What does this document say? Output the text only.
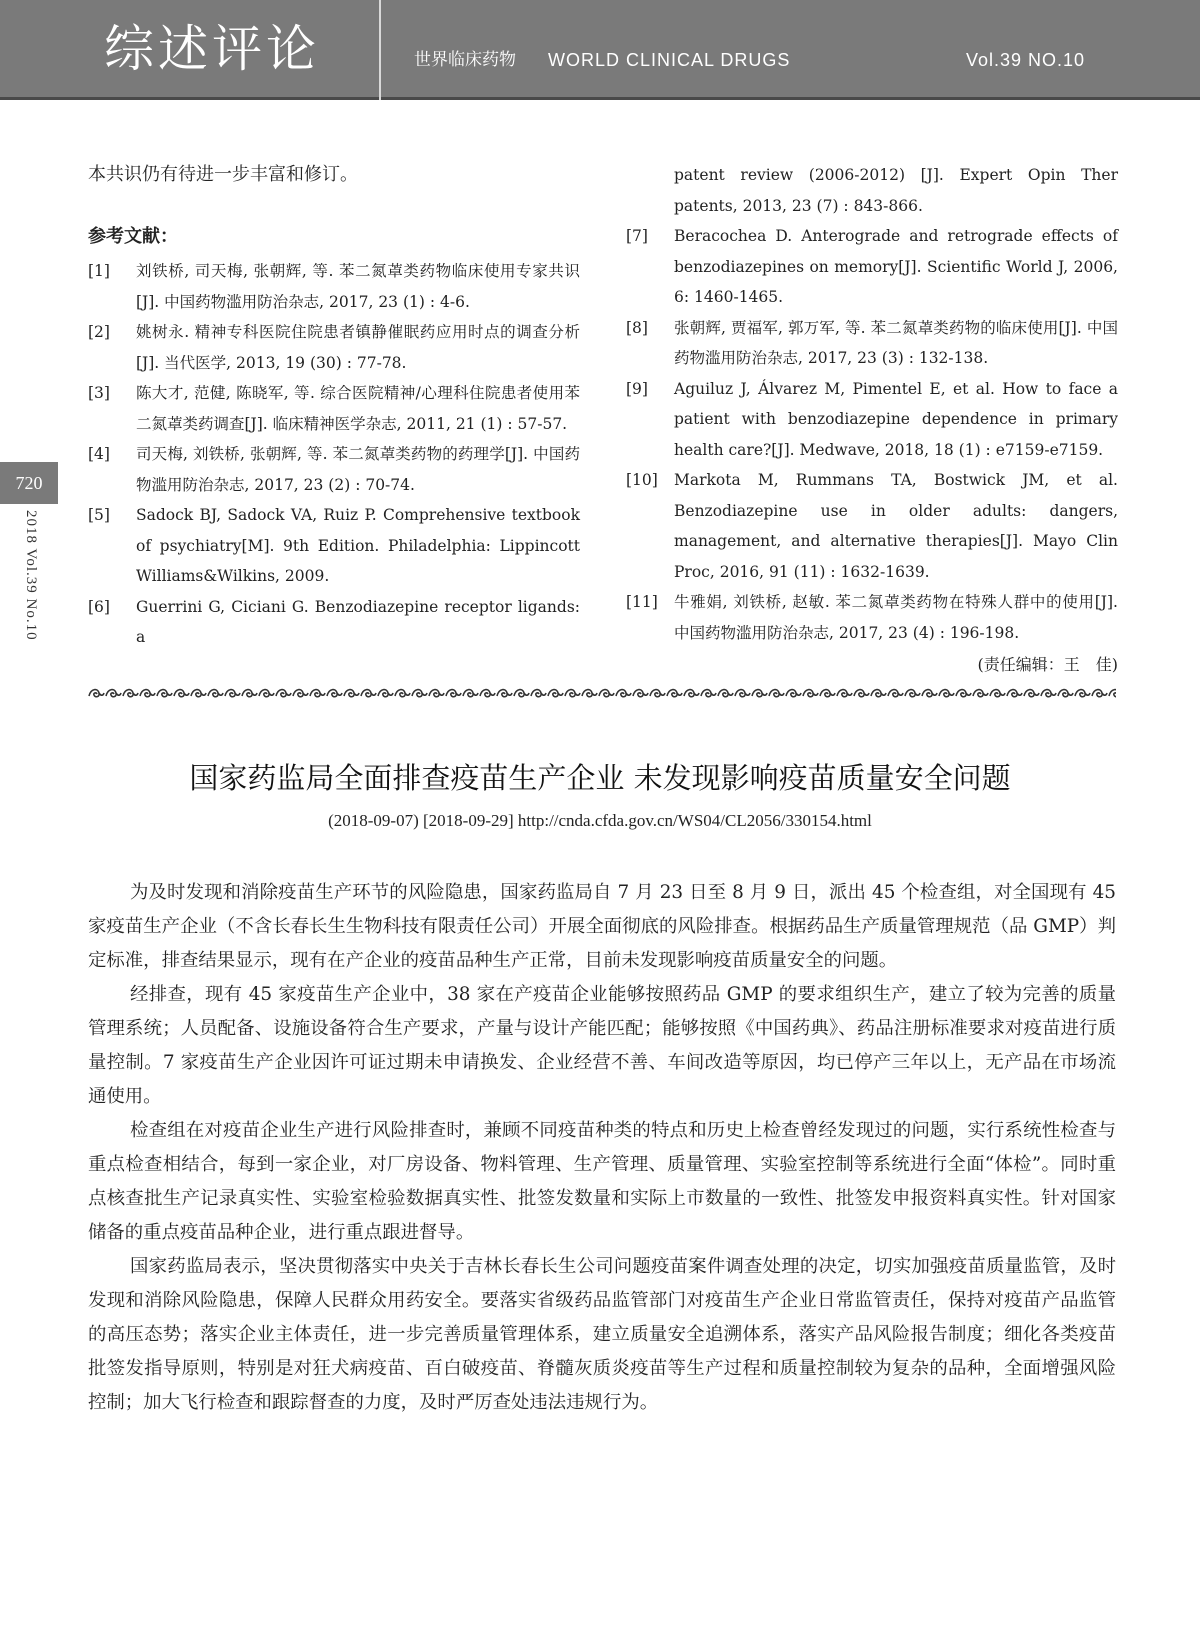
综述评论	世界临床药物 WORLD CLINICAL DRUGS	Vol.39 NO.10
720
2018 Vol.39 No.10
本共识仍有待进一步丰富和修订。
参考文献：
[1] 刘铁桥, 司天梅, 张朝辉, 等. 苯二氮䓬类药物临床使用专家共识[J]. 中国药物滥用防治杂志, 2017, 23 (1) : 4-6.
[2] 姚树永. 精神专科医院住院患者镇静催眠药应用时点的调查分析[J]. 当代医学, 2013, 19 (30) : 77-78.
[3] 陈大才, 范健, 陈晓军, 等. 综合医院精神/心理科住院患者使用苯二氮䓬类药调查[J]. 临床精神医学杂志, 2011, 21 (1) : 57-57.
[4] 司天梅, 刘铁桥, 张朝辉, 等. 苯二氮䓬类药物的药理学[J]. 中国药物滥用防治杂志, 2017, 23 (2) : 70-74.
[5] Sadock BJ, Sadock VA, Ruiz P. Comprehensive textbook of psychiatry[M]. 9th Edition. Philadelphia: Lippincott Williams&Wilkins, 2009.
[6] Guerrini G, Ciciani G. Benzodiazepine receptor ligands: a
patent review (2006-2012) [J]. Expert Opin Ther patents, 2013, 23 (7) : 843-866.
[7] Beracochea D. Anterograde and retrograde effects of benzodiazepines on memory[J]. Scientific World J, 2006, 6: 1460-1465.
[8] 张朝辉, 贾福军, 郭万军, 等. 苯二氮䓬类药物的临床使用[J]. 中国药物滥用防治杂志, 2017, 23 (3) : 132-138.
[9] Aguiluz J, Álvarez M, Pimentel E, et al. How to face a patient with benzodiazepine dependence in primary health care?[J]. Medwave, 2018, 18 (1) : e7159-e7159.
[10] Markota M, Rummans TA, Bostwick JM, et al. Benzodiazepine use in older adults: dangers, management, and alternative therapies[J]. Mayo Clin Proc, 2016, 91 (11) : 1632-1639.
[11] 牛雅娟, 刘铁桥, 赵敏. 苯二氮䓬类药物在特殊人群中的使用[J]. 中国药物滥用防治杂志, 2017, 23 (4) : 196-198.
(责任编辑：王　佳)
国家药监局全面排查疫苗生产企业 未发现影响疫苗质量安全问题
(2018-09-07) [2018-09-29] http://cnda.cfda.gov.cn/WS04/CL2056/330154.html

为及时发现和消除疫苗生产环节的风险隐患，国家药监局自 7 月 23 日至 8 月 9 日，派出 45 个检查组，对全国现有 45 家疫苗生产企业（不含长春长生生物科技有限责任公司）开展全面彻底的风险排查。根据药品生产质量管理规范（品 GMP）判定标准，排查结果显示，现有在产企业的疫苗品种生产正常，目前未发现影响疫苗质量安全的问题。

经排查，现有 45 家疫苗生产企业中，38 家在产疫苗企业能够按照药品 GMP 的要求组织生产，建立了较为完善的质量管理系统；人员配备、设施设备符合生产要求，产量与设计产能匹配；能够按照《中国药典》、药品注册标准要求对疫苗进行质量控制。7 家疫苗生产企业因许可证过期未申请换发、企业经营不善、车间改造等原因，均已停产三年以上，无产品在市场流通使用。

检查组在对疫苗企业生产进行风险排查时，兼顾不同疫苗种类的特点和历史上检查曾经发现过的问题，实行系统性检查与重点检查相结合，每到一家企业，对厂房设备、物料管理、生产管理、质量管理、实验室控制等系统进行全面“体检”。同时重点核查批生产记录真实性、实验室检验数据真实性、批签发数量和实际上市数量的一致性、批签发申报资料真实性。针对国家储备的重点疫苗品种企业，进行重点跟进督导。

国家药监局表示，坚决贯彻落实中央关于吉林长春长生公司问题疫苗案件调查处理的决定，切实加强疫苗质量监管，及时发现和消除风险隐患，保障人民群众用药安全。要落实省级药品监管部门对疫苗生产企业日常监管责任，保持对疫苗产品监管的高压态势；落实企业主体责任，进一步完善质量管理体系，建立质量安全追溯体系，落实产品风险报告制度；细化各类疫苗批签发指导原则，特别是对狂犬病疫苗、百白破疫苗、脊髓灰质炎疫苗等生产过程和质量控制较为复杂的品种，全面增强风险控制；加大飞行检查和跟踪督查的力度，及时严厉查处违法违规行为。
